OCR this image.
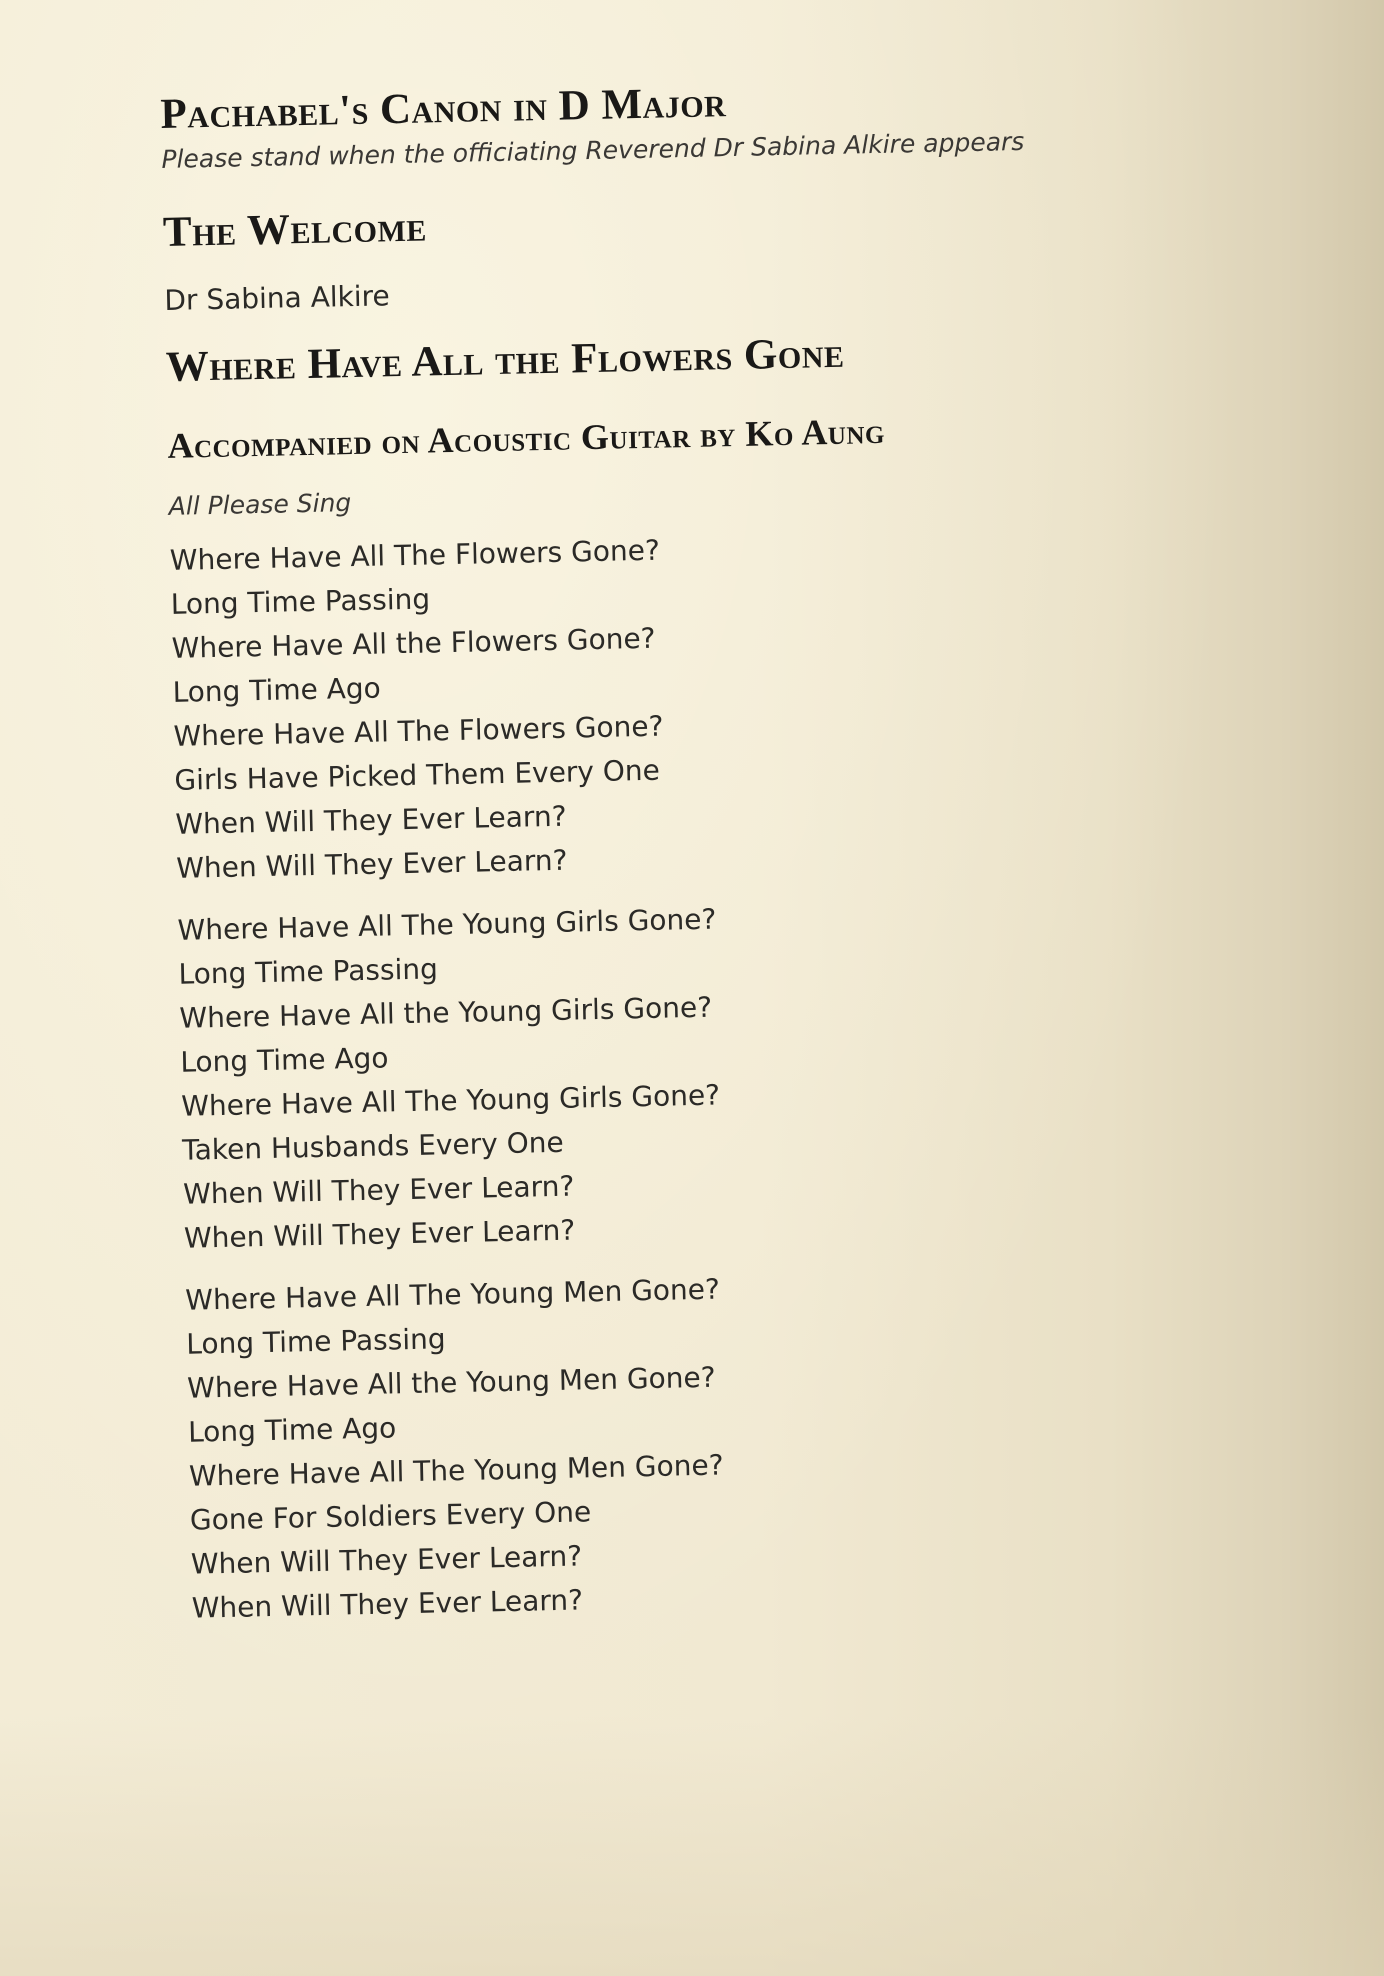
Pachabel's Canon in D Major

Please stand when the officiating Reverend Dr Sabina Alkire appears

The Welcome

Dr Sabina Alkire

Where Have All the Flowers Gone
Accompanied on Acoustic Guitar by Ko Aung

All Please Sing

Where Have All The Flowers Gone?
Long Time Passing
Where Have All the Flowers Gone?
Long Time Ago
Where Have All The Flowers Gone?
Girls Have Picked Them Every One
When Will They Ever Learn?
When Will They Ever Learn?
Where Have All The Young Girls Gone?
Long Time Passing
Where Have All the Young Girls Gone?
Long Time Ago
Where Have All The Young Girls Gone?
Taken Husbands Every One
When Will They Ever Learn?
When Will They Ever Learn?
Where Have All The Young Men Gone?
Long Time Passing
Where Have All the Young Men Gone?
Long Time Ago
Where Have All The Young Men Gone?
Gone For Soldiers Every One
When Will They Ever Learn?
When Will They Ever Learn?
